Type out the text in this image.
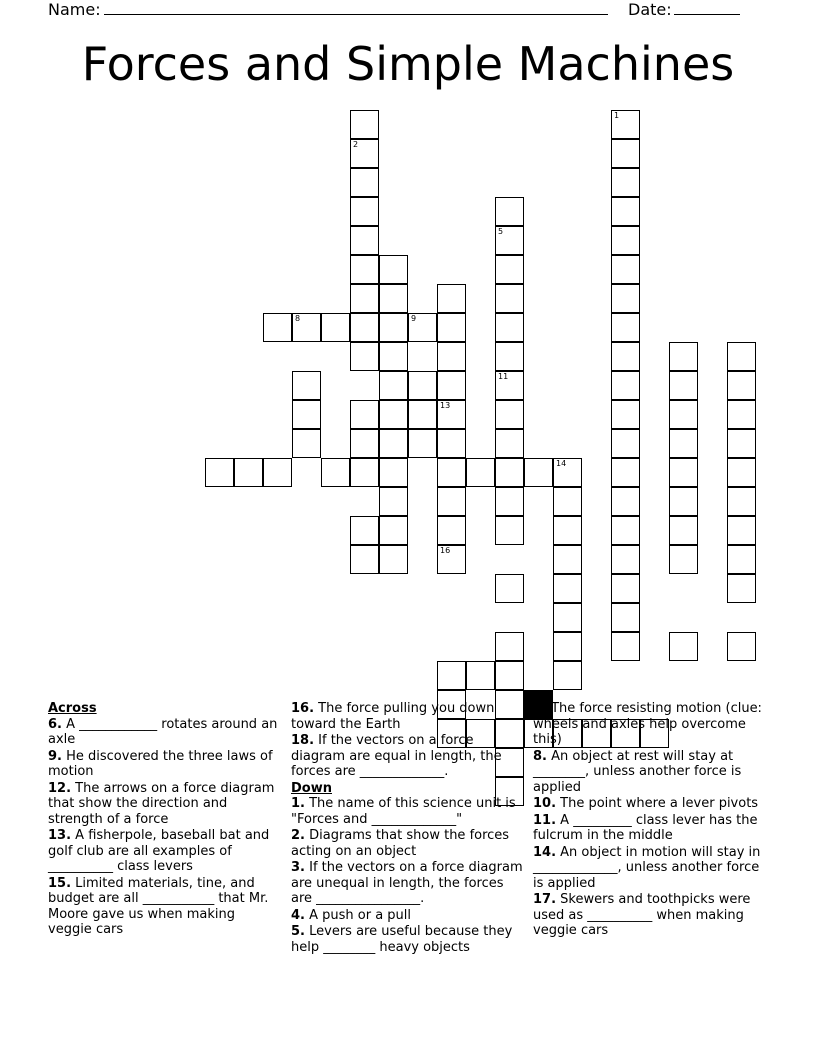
Name:	Date:
Forces and Simple Machines
5
11
8	9
14
13
16
1
2
Across
6. A ____________ rotates around an axle
9. He discovered the three laws of motion
12. The arrows on a force diagram that show the direction and strength of a force
13. A fisherpole, baseball bat and golf club are all examples of __________ class levers
15. Limited materials, tine, and budget are all ___________ that Mr. Moore gave us when making veggie cars
16. The force pulling you down toward the Earth
18. If the vectors on a force diagram are equal in length, the forces are _____________.
Down
1. The name of this science unit is "Forces and _____________"
2. Diagrams that show the forces acting on an object
3. If the vectors on a force diagram are unequal in length, the forces are ________________.
4. A push or a pull
5. Levers are useful because they help ________ heavy objects
7. The force resisting motion (clue: wheels and axles help overcome this)
8. An object at rest will stay at ________, unless another force is applied
10. The point where a lever pivots
11. A _________ class lever has the fulcrum in the middle
14. An object in motion will stay in _____________, unless another force is applied
17. Skewers and toothpicks were used as __________ when making veggie cars
